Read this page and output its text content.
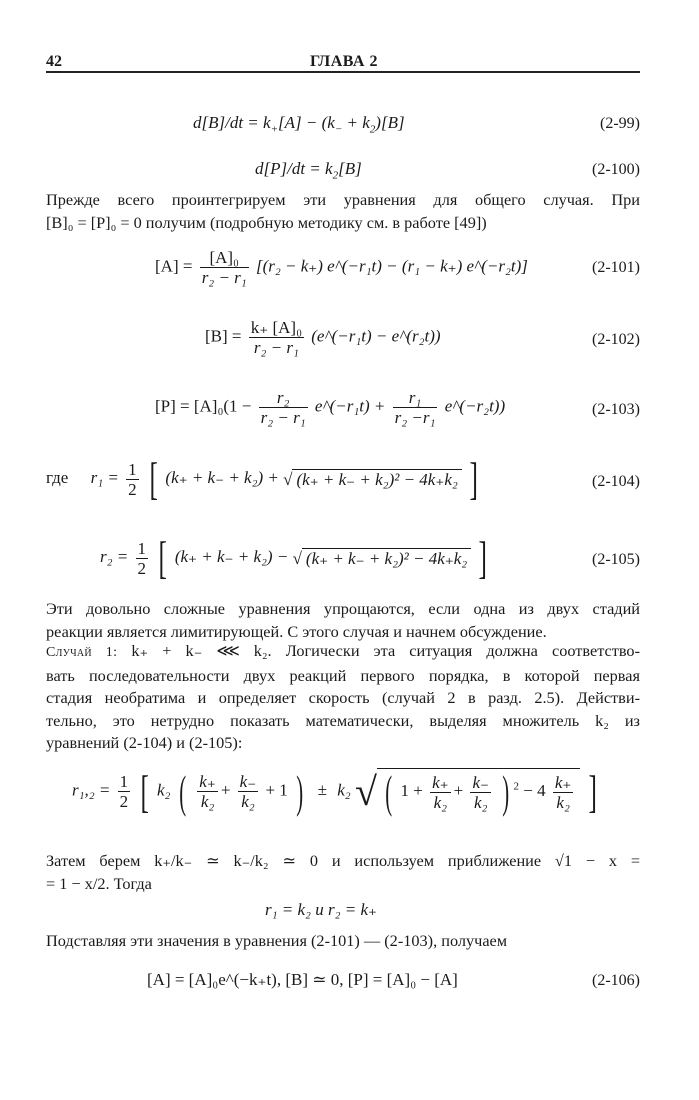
42	ГЛАВА 2
$d[B]/dt = k_+[A] - (k_- + k_2)[B]$	(2-99)
$d[P]/dt = k_2[B]$	(2-100)
Прежде всего проинтегрируем эти уравнения для общего случая. При
[B]₀ = [P]₀ = 0 получим (подробную методику см. в работе [49])
$[A] = \frac{\text{[A]₀}}{\text{r₂ − r₁}} [(r_2 - k_+)$ e^(−r₁t) − (r₁ − k₊) e^(−r₂t)]	(2-101)
$[B] = \frac{\text{k₊ [A]₀}}{\text{r₂ − r₁}}$ (e^(−r₁t) − e^(r₂t))	(2-102)
$[P] = [A]_0(1 - \frac{\text{r₂}}{\text{r₂ − r₁}}$ e^(−r₁t) + $\frac{\text{r₁}}{\text{r₂ −r₁}}$ e^(−r₂t))	(2-103)
где $r_1 = \frac{1}{2}$ [ (k₊ + k₋ + k₂) + √ (k₊ + k₋ + k₂)² − 4k₊k₂ ]	(2-104)
$r_2 = \frac{1}{2}$ [ (k₊ + k₋ + k₂) − √ (k₊ + k₋ + k₂)² − 4k₊k₂ ]	(2-105)
Эти довольно сложные уравнения упрощаются, если одна из двух стадий
реакции является лимитирующей. С этого случая и начнем обсуждение.
Случай 1: k₊ + k₋ ⋘ k₂. Логически эта ситуация должна соответство-
вать последовательности двух реакций первого порядка, в которой первая
стадия необратима и определяет скорость (случай 2 в разд. 2.5). Действи-
тельно, это нетрудно показать математически, выделяя множитель k₂ из
уравнений (2-104) и (2-105):
$r_1,_2 = \frac{1}{2}$ [ k₂ ( $\frac{k_+}{\text{k₂}} + \frac{k_-}{\text{k₂}} + 1$ ) ± k₂ √ ( $1 + \frac{k_+}{\text{k₂}} + \frac{k_-}{\text{k₂}}$ ) $^2 - 4 \frac{k_+}{\text{k₂}}$ ]
Затем берем k₊/k₋ ≃ k₋/k₂ ≃ 0 и используем приближение √1 − x =
= 1 − x/2. Тогда
r₁ = k₂ и r₂ = k₊
Подставляя эти значения в уравнения (2-101) — (2-103), получаем
[A] = [A]₀e^(−k₊t), [B] ≃ 0, [P] = [A]₀ − [A]	(2-106)
